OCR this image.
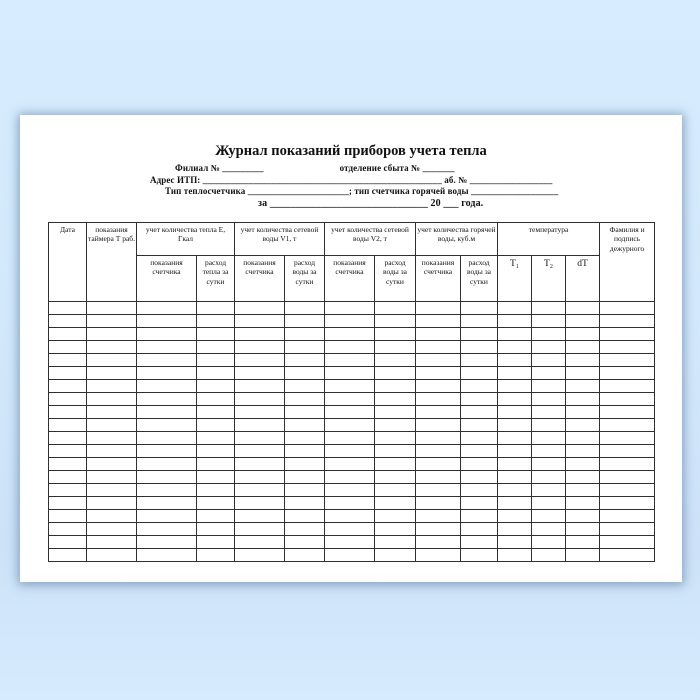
Журнал показаний приборов учета тепла
Филиал № _________	отделение сбыта № _______
Адрес ИТП: ____________________________________________________ аб. № __________________
Тип теплосчетчика ______________________; тип счетчика горячей воды ___________________
за _______________________________ 20 ___ года.
Дата	показания таймера Т раб.	учет количества тепла Е, Гкал		учет количества сетевой воды V1, т		учет количества сетевой воды V2, т		учет количества горячей воды, куб.м		температура			Фамилия и подпись дежурного
		показания счетчика	расход тепла за сутки	показания счетчика	расход воды за сутки	показания счетчика	расход воды за сутки	показания счетчика	расход воды за сутки	T₁	T₂	dT	
